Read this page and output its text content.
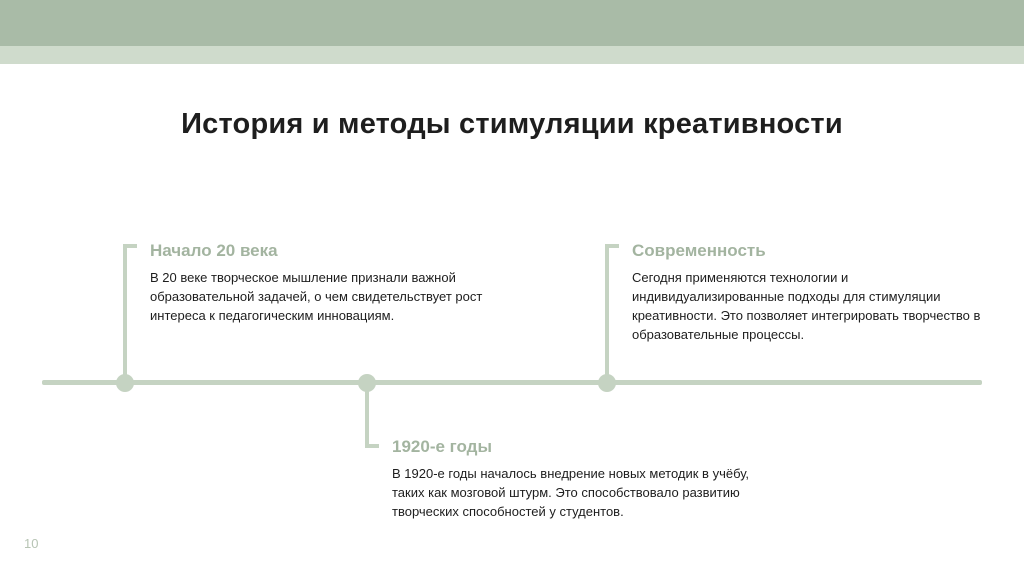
История и методы стимуляции креативности
Начало 20 века
В 20 веке творческое мышление признали важной образовательной задачей, о чем свидетельствует рост интереса к педагогическим инновациям.
1920-е годы
В 1920-е годы началось внедрение новых методик в учёбу, таких как мозговой штурм. Это способствовало развитию творческих способностей у студентов.
Современность
Сегодня применяются технологии и индивидуализированные подходы для стимуляции креативности. Это позволяет интегрировать творчество в образовательные процессы.
10
